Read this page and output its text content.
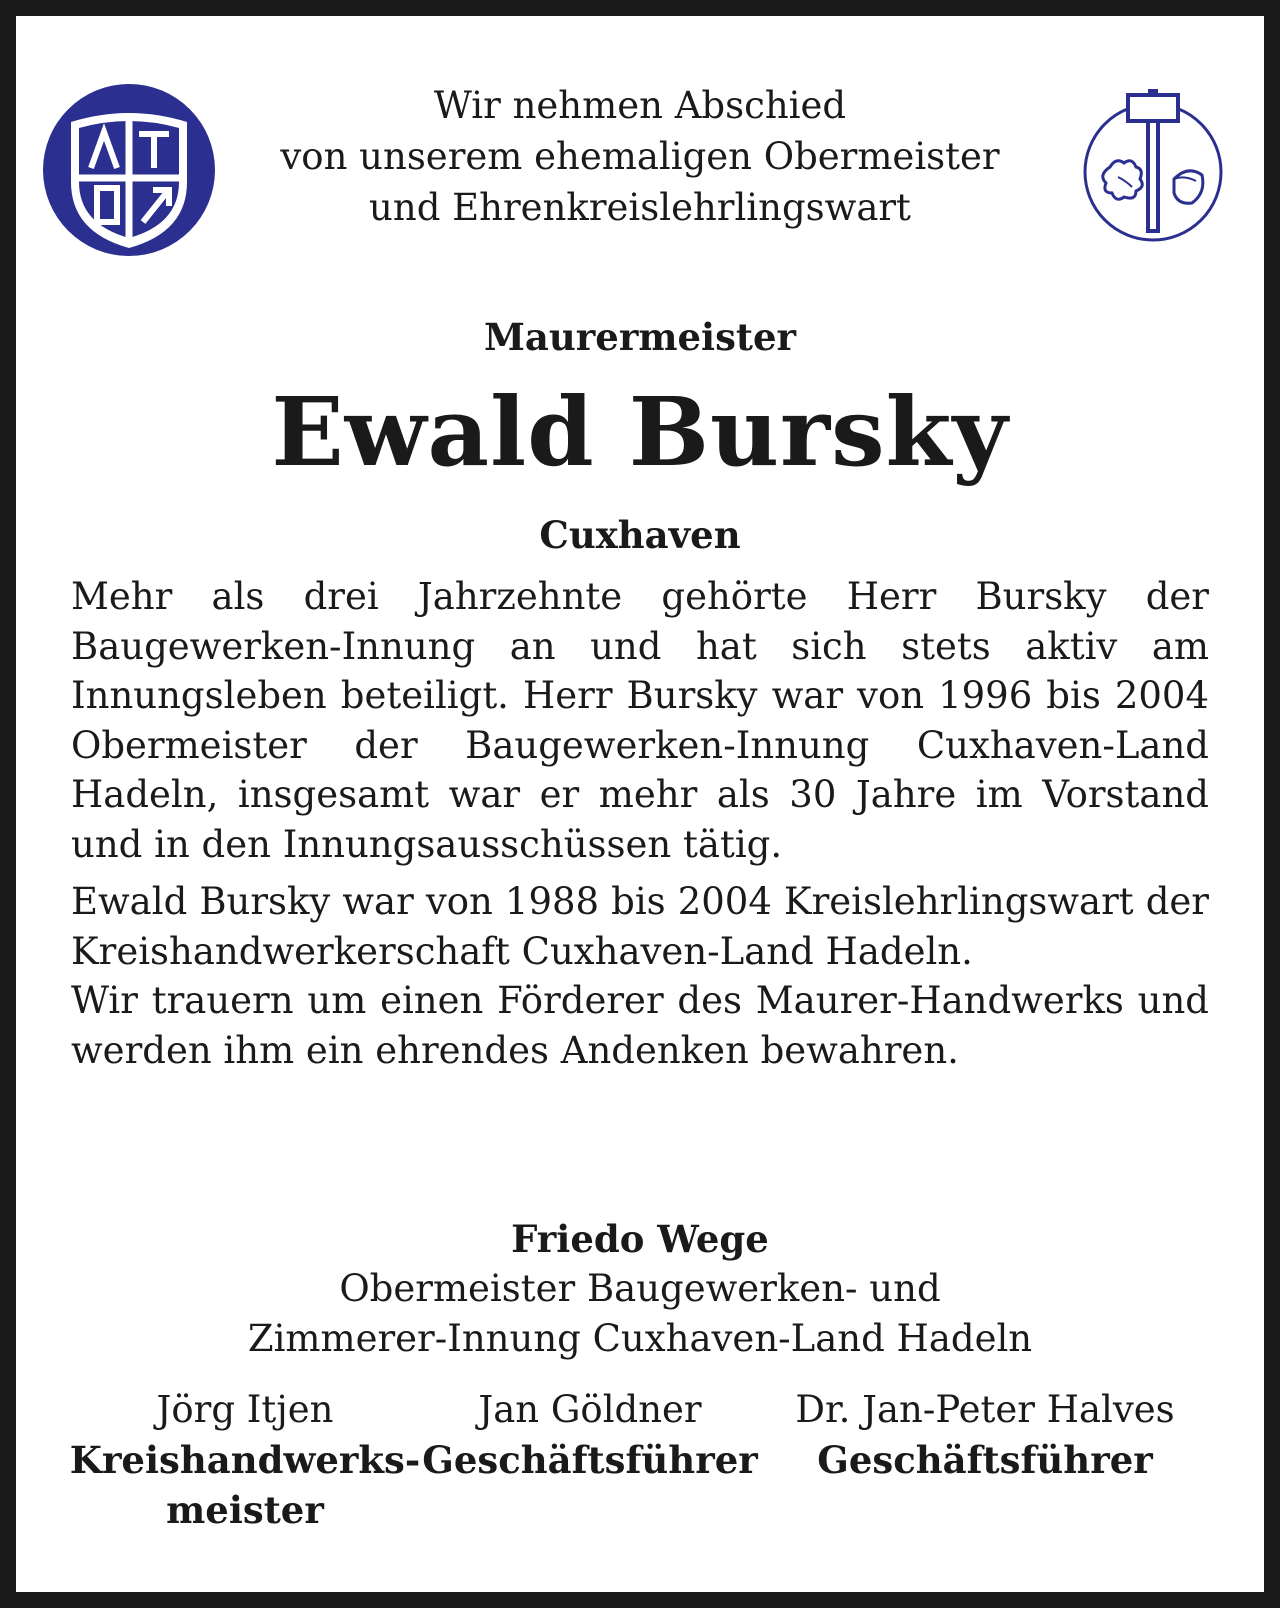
Wir nehmen Abschied
von unserem ehemaligen Obermeister
und Ehrenkreislehrlingswart
Maurermeister
Ewald Bursky
Cuxhaven

Mehr als drei Jahrzehnte gehörte Herr Bursky der Baugewerken-Innung an und hat sich stets aktiv am Innungsleben beteiligt. Herr Bursky war von 1996 bis 2004 Obermeister der Baugewerken-Innung Cuxhaven-Land Hadeln, insgesamt war er mehr als 30 Jahre im Vorstand und in den Innungsausschüssen tätig.

Ewald Bursky war von 1988 bis 2004 Kreislehrlingswart der Kreishandwerkerschaft Cuxhaven-Land Hadeln.

Wir trauern um einen Förderer des Maurer-Handwerks und werden ihm ein ehrendes Andenken bewahren.

Friedo Wege
Obermeister Baugewerken- und
Zimmerer-Innung Cuxhaven-Land Hadeln
Jörg Itjen
Kreishandwerks-
meister
Jan Göldner
Geschäftsführer
Dr. Jan-Peter Halves
Geschäftsführer
